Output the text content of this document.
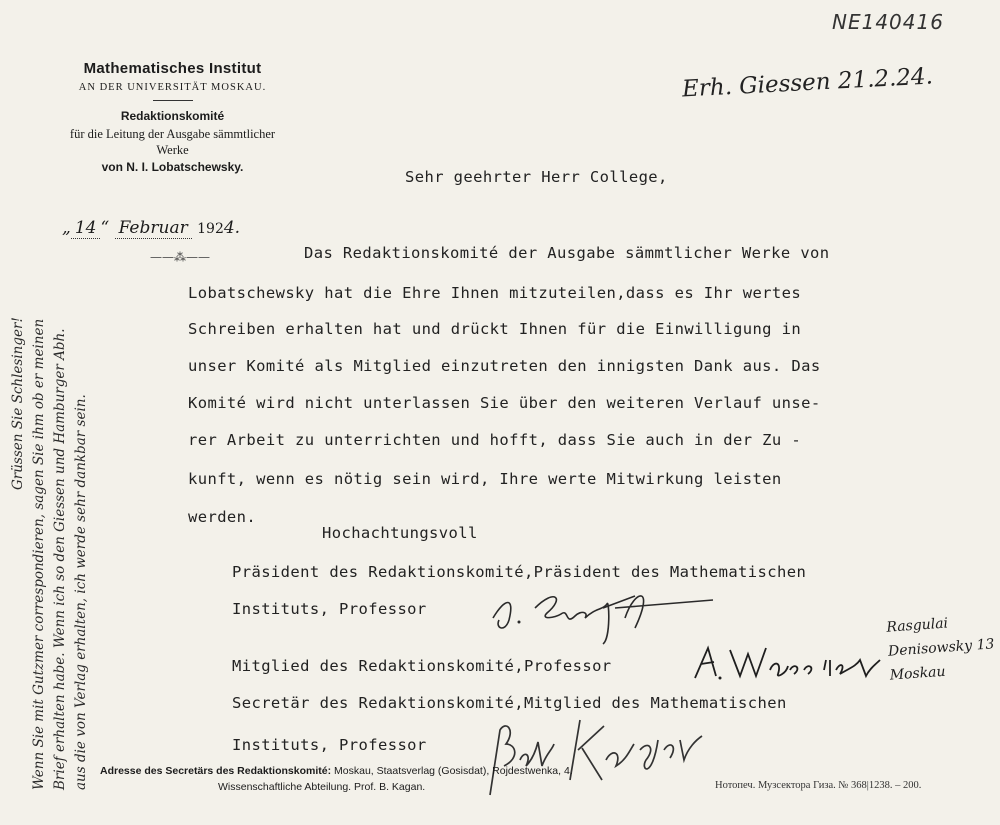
Mathematisches Institut
AN DER UNIVERSITÄT MOSKAU.
Redaktionskomité
für die Leitung der Ausgabe sämmtlicher
Werke
von N. I. Lobatschewsky.
NE140416
Erh. Giessen 21.2.24.
„ 14 “ Februar 1924.
——⁂——
Sehr geehrter Herr College,
Das Redaktionskomité der Ausgabe sämmtlicher Werke von
Lobatschewsky hat die Ehre Ihnen mitzuteilen,dass es Ihr wertes
Schreiben erhalten hat und drückt Ihnen für die Einwilligung in
unser Komité als Mitglied einzutreten den innigsten Dank aus. Das
Komité wird nicht unterlassen Sie über den weiteren Verlauf unse-
rer Arbeit zu unterrichten und hofft, dass Sie auch in der Zu -
kunft, wenn es nötig sein wird, Ihre werte Mitwirkung leisten
werden.
Hochachtungsvoll
Präsident des Redaktionskomité,Präsident des Mathematischen
Instituts, Professor
Mitglied des Redaktionskomité,Professor
Secretär des Redaktionskomité,Mitglied des Mathematischen
Instituts, Professor
Rasgulai
Denisowsky 13
Moskau
Grüssen Sie Schlesinger! Wenn Sie mit Gutzmer correspondieren, sagen Sie ihm ob er meinen Brief erhalten habe. Wenn ich so den Giessen und Hamburger Abh. aus die von Verlag erhalten, ich werde sehr dankbar sein. Adresse des Secretärs des Redaktionskomité: Moskau, Staatsverlag (Gosisdat), Rojdestwenka, 4.
Wissenschaftliche Abteilung. Prof. B. Kagan.	Нотопеч. Музсектора Гиза. № 368|1238. – 200.
